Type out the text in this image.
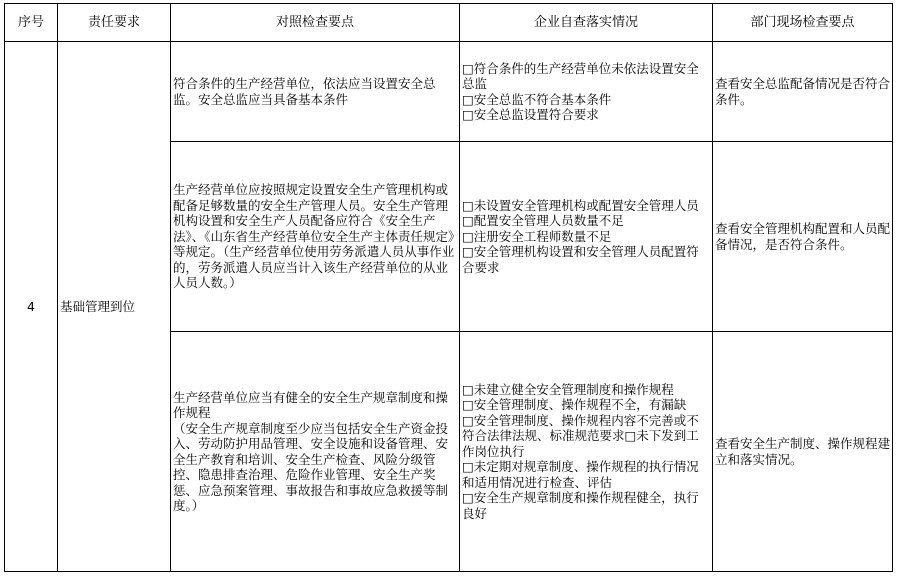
序号	责任要求	对照检查要点	企业自查落实情况	部门现场检查要点
4	基础管理到位	符合条件的生产经营单位，依法应当设置安全总监。安全总监应当具备基本条件	□符合条件的生产经营单位未依法设置安全总监
□安全总监不符合基本条件
□安全总监设置符合要求	查看安全总监配备情况是否符合条件。
		生产经营单位应按照规定设置安全生产管理机构或配备足够数量的安全生产管理人员。安全生产管理机构设置和安全生产人员配备应符合《安全生产法》、《山东省生产经营单位安全生产主体责任规定》等规定。（生产经营单位使用劳务派遣人员从事作业的，劳务派遣人员应当计入该生产经营单位的从业人员人数。）	□未设置安全管理机构或配置安全管理人员
□配置安全管理人员数量不足
□注册安全工程师数量不足
□安全管理机构设置和安全管理人员配置符合要求	查看安全管理机构配置和人员配备情况，是否符合条件。
		生产经营单位应当有健全的安全生产规章制度和操作规程
（安全生产规章制度至少应当包括安全生产资金投入、劳动防护用品管理、安全设施和设备管理、安全生产教育和培训、安全生产检查、风险分级管控、隐患排查治理、危险作业管理、安全生产奖惩、应急预案管理、事故报告和事故应急救援等制度。）	□未建立健全安全管理制度和操作规程
□安全管理制度、操作规程不全，有漏缺
□安全管理制度、操作规程内容不完善或不符合法律法规、标准规范要求□未下发到工作岗位执行
□未定期对规章制度、操作规程的执行情况和适用情况进行检查、评估
□安全生产规章制度和操作规程健全，执行良好	查看安全生产制度、操作规程建立和落实情况。
